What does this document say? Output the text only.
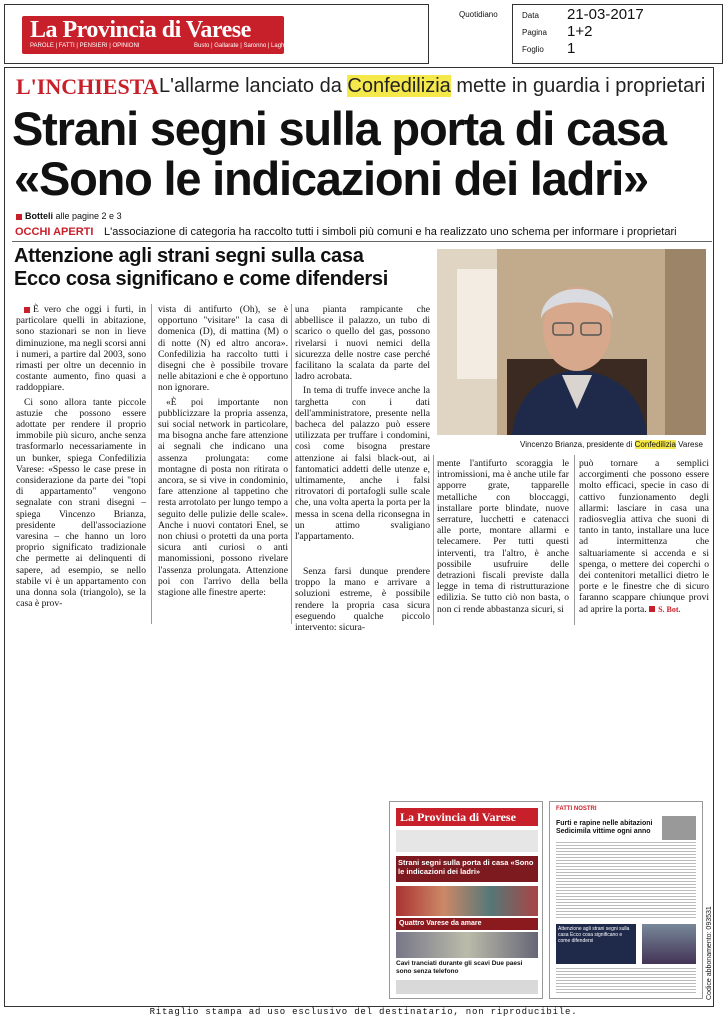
La Provincia di Varese
PAROLE | FATTI | PENSIERI | OPINIONI	Busto | Gallarate | Saronno | Laghi
Quotidiano	Data 21-03-2017
Pagina 1+2
Foglio 1
L'INCHIESTA L'allarme lanciato da Confedilizia mette in guardia i proprietari
Strani segni sulla porta di casa
«Sono le indicazioni dei ladri»
Botteli alle pagine 2 e 3
OCCHI APERTI L'associazione di categoria ha raccolto tutti i simboli più comuni e ha realizzato uno schema per informare i proprietari
Attenzione agli strani segni sulla casa
Ecco cosa significano e come difendersi
Vincenzo Brianza, presidente di Confedilizia Varese

È vero che oggi i furti, in particolare quelli in abitazione, sono stazionari se non in lieve diminuzione, ma negli scorsi anni i numeri, a partire dal 2003, sono rimasti per oltre un decennio in costante aumento, fino quasi a raddoppiare.

Ci sono allora tante piccole astuzie che possono essere adottate per rendere il proprio immobile più sicuro, anche senza trasformarlo necessariamente in un bunker, spiega Confedilizia Varese: «Spesso le case prese in considerazione da parte dei "topi di appartamento" vengono segnalate con strani disegni – spiega Vincenzo Brianza, presidente dell'associazione varesina – che hanno un loro proprio significato tradizionale che permette ai delinquenti di sapere, ad esempio, se nello stabile vi è un appartamento con una donna sola (triangolo), se la casa è prov-

vista di antifurto (Oh), se è opportuno "visitare" la casa di domenica (D), di mattina (M) o di notte (N) ed altro ancora». Confedilizia ha raccolto tutti i disegni che è possibile trovare nelle abitazioni e che è opportuno non ignorare.

«È poi importante non pubblicizzare la propria assenza, sui social network in particolare, ma bisogna anche fare attenzione ai segnali che indicano una assenza prolungata: come montagne di posta non ritirata o ancora, se si vive in condominio, fare attenzione al tappetino che resta arrotolato per lungo tempo a seguito delle pulizie delle scale». Anche i nuovi contatori Enel, se non chiusi o protetti da una porta sicura anti curiosi o anti manomissioni, possono rivelare l'assenza prolungata. Attenzione poi con l'arrivo della bella stagione alle finestre aperte:

una pianta rampicante che abbellisce il palazzo, un tubo di scarico o quello del gas, possono rivelarsi i nuovi nemici della sicurezza delle nostre case perché facilitano la scalata da parte del ladro acrobata.

In tema di truffe invece anche la targhetta con i dati dell'amministratore, presente nella bacheca del palazzo può essere utilizzata per truffare i condomini, così come bisogna prestare attenzione ai falsi black-out, ai fantomatici addetti delle utenze e, ultimamente, anche i falsi ritrovatori di portafogli sulle scale che, una volta aperta la porta per la messa in scena della riconsegna in un attimo svaligiano l'appartamento.

Senza farsi dunque prendere troppo la mano e arrivare a soluzioni estreme, è possibile rendere la propria casa sicura eseguendo qualche piccolo intervento: sicura-

mente l'antifurto scoraggia le intromissioni, ma è anche utile far apporre grate, tapparelle metalliche con bloccaggi, installare porte blindate, nuove serrature, lucchetti e catenacci alle porte, montare allarmi e telecamere. Per tutti questi interventi, tra l'altro, è anche possibile usufruire delle detrazioni fiscali previste dalla legge in tema di ristrutturazione edilizia. Se tutto ciò non basta, o non ci rende abbastanza sicuri, si

può tornare a semplici accorgimenti che possono essere molto efficaci, specie in caso di cattivo funzionamento degli allarmi: lasciare in casa una radiosveglia attiva che suoni di tanto in tanto, installare una luce ad intermittenza che saltuariamente si accenda e si spenga, o mettere dei coperchi o dei contenitori metallici dietro le porte e le finestre che di sicuro faranno scappare chiunque provi ad aprire la porta. S. Bot.

La Provincia di Varese
Strani segni sulla porta di casa «Sono le indicazioni dei ladri»
Quattro Varese da amare
Cavi tranciati durante gli scavi Due paesi sono senza telefono
FATTI NOSTRI
Furti e rapine nelle abitazioni Sedicimila vittime ogni anno
Attenzione agli strani segni sulla casa Ecco cosa significano e come difendersi	Codice abbonamento: 093531
Ritaglio stampa ad uso esclusivo del destinatario, non riproducibile.
